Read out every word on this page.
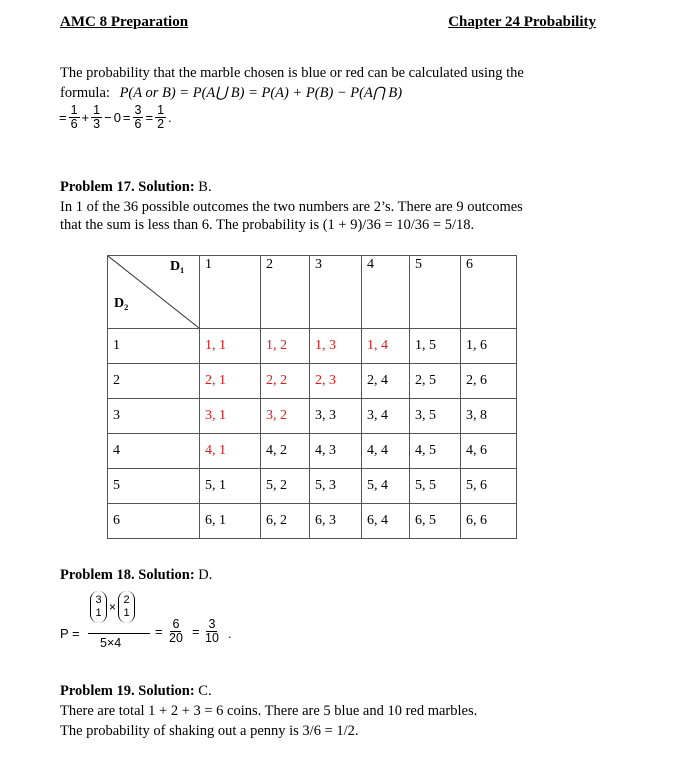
AMC 8 Preparation	Chapter 24 Probability
The probability that the marble chosen is blue or red can be calculated using the
formula: P(A or B) = P(A⋃ B) = P(A) + P(B) − P(A⋂ B)
= $\frac{1}{6} + \frac{1}{3} - 0 = \frac{3}{6} = \frac{1}{2}$ .
Problem 17. Solution: B.
In 1 of the 36 possible outcomes the two numbers are 2’s. There are 9 outcomes
that the sum is less than 6. The probability is (1 + 9)/36 = 10/36 = 5/18.
D₁
D₂	1	2	3	4	5	6
1	1, 1	1, 2	1, 3	1, 4	1, 5	1, 6
2	2, 1	2, 2	2, 3	2, 4	2, 5	2, 6
3	3, 1	3, 2	3, 3	3, 4	3, 5	3, 8
4	4, 1	4, 2	4, 3	4, 4	4, 5	4, 6
5	5, 1	5, 2	5, 3	5, 4	5, 5	5, 6
6	6, 1	6, 2	6, 3	6, 4	6, 5	6, 6
Problem 18. Solution: D.
P =
3
1 × 2
1
5×4
= $\frac{6}{20} = \frac{3}{10}$ .
Problem 19. Solution: C.
There are total 1 + 2 + 3 = 6 coins. There are 5 blue and 10 red marbles.
The probability of shaking out a penny is 3/6 = 1/2.
